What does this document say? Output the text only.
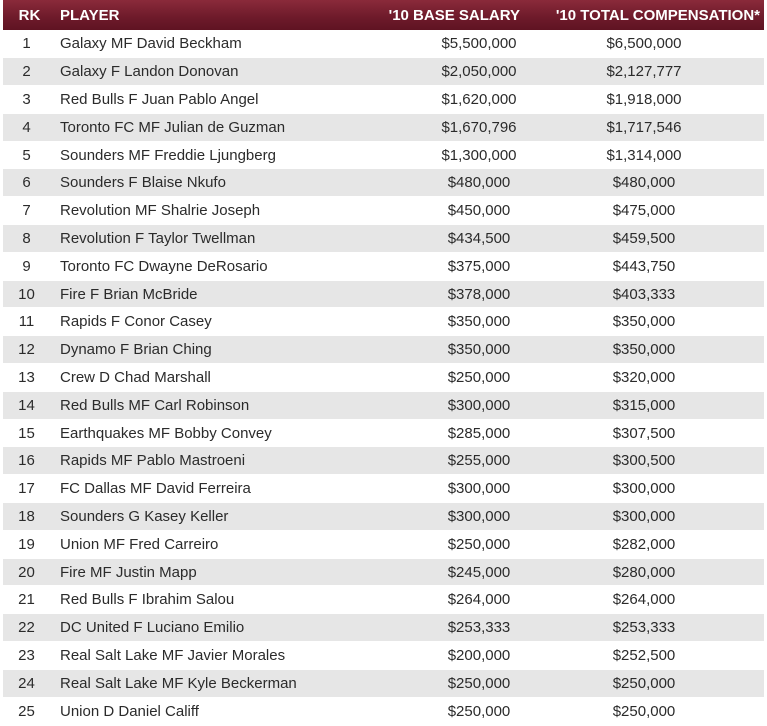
RK	PLAYER	'10 BASE SALARY	'10 TOTAL COMPENSATION*
1	Galaxy MF David Beckham	$5,500,000	$6,500,000
2	Galaxy F Landon Donovan	$2,050,000	$2,127,777
3	Red Bulls F Juan Pablo Angel	$1,620,000	$1,918,000
4	Toronto FC MF Julian de Guzman	$1,670,796	$1,717,546
5	Sounders MF Freddie Ljungberg	$1,300,000	$1,314,000
6	Sounders F Blaise Nkufo	$480,000	$480,000
7	Revolution MF Shalrie Joseph	$450,000	$475,000
8	Revolution F Taylor Twellman	$434,500	$459,500
9	Toronto FC Dwayne DeRosario	$375,000	$443,750
10	Fire F Brian McBride	$378,000	$403,333
11	Rapids F Conor Casey	$350,000	$350,000
12	Dynamo F Brian Ching	$350,000	$350,000
13	Crew D Chad Marshall	$250,000	$320,000
14	Red Bulls MF Carl Robinson	$300,000	$315,000
15	Earthquakes MF Bobby Convey	$285,000	$307,500
16	Rapids MF Pablo Mastroeni	$255,000	$300,500
17	FC Dallas MF David Ferreira	$300,000	$300,000
18	Sounders G Kasey Keller	$300,000	$300,000
19	Union MF Fred Carreiro	$250,000	$282,000
20	Fire MF Justin Mapp	$245,000	$280,000
21	Red Bulls F Ibrahim Salou	$264,000	$264,000
22	DC United F Luciano Emilio	$253,333	$253,333
23	Real Salt Lake MF Javier Morales	$200,000	$252,500
24	Real Salt Lake MF Kyle Beckerman	$250,000	$250,000
25	Union D Daniel Califf	$250,000	$250,000
